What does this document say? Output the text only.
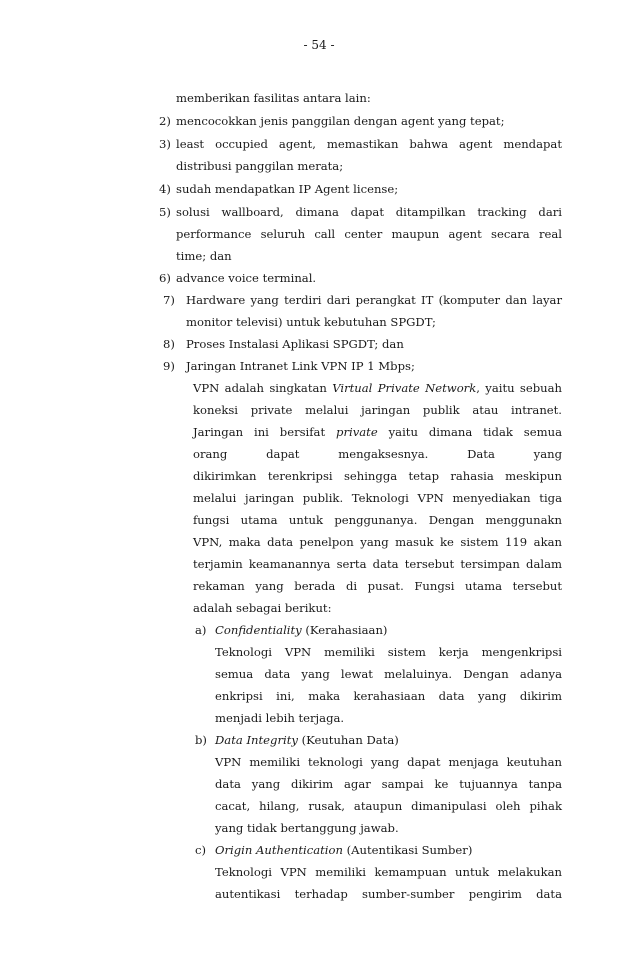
- 54 -
memberikan fasilitas antara lain:
2) mencocokkan jenis panggilan dengan agent yang tepat;
3) least occupied agent, memastikan bahwa agent mendapat
distribusi panggilan merata;
4) sudah mendapatkan IP Agent license;
5) solusi wallboard, dimana dapat ditampilkan tracking dari
performance seluruh call center maupun agent secara real
time; dan
6) advance voice terminal.
7) Hardware yang terdiri dari perangkat IT (komputer dan layar
monitor televisi) untuk kebutuhan SPGDT;
8) Proses Instalasi Aplikasi SPGDT; dan
9) Jaringan Intranet Link VPN IP 1 Mbps;
VPN adalah singkatan Virtual Private Network, yaitu sebuah
koneksi private melalui jaringan publik atau intranet.
Jaringan ini bersifat private yaitu dimana tidak semua
orang dapat mengaksesnya. Data yang
dikirimkan terenkripsi sehingga tetap rahasia meskipun
melalui jaringan publik. Teknologi VPN menyediakan tiga
fungsi utama untuk penggunanya. Dengan menggunakn
VPN, maka data penelpon yang masuk ke sistem 119 akan
terjamin keamanannya serta data tersebut tersimpan dalam
rekaman yang berada di pusat. Fungsi utama tersebut
adalah sebagai berikut:
a) Confidentiality (Kerahasiaan)
Teknologi VPN memiliki sistem kerja mengenkripsi
semua data yang lewat melaluinya. Dengan adanya
enkripsi ini, maka kerahasiaan data yang dikirim
menjadi lebih terjaga.
b) Data Integrity (Keutuhan Data)
VPN memiliki teknologi yang dapat menjaga keutuhan
data yang dikirim agar sampai ke tujuannya tanpa
cacat, hilang, rusak, ataupun dimanipulasi oleh pihak
yang tidak bertanggung jawab.
c) Origin Authentication (Autentikasi Sumber)
Teknologi VPN memiliki kemampuan untuk melakukan
autentikasi terhadap sumber-sumber pengirim data
